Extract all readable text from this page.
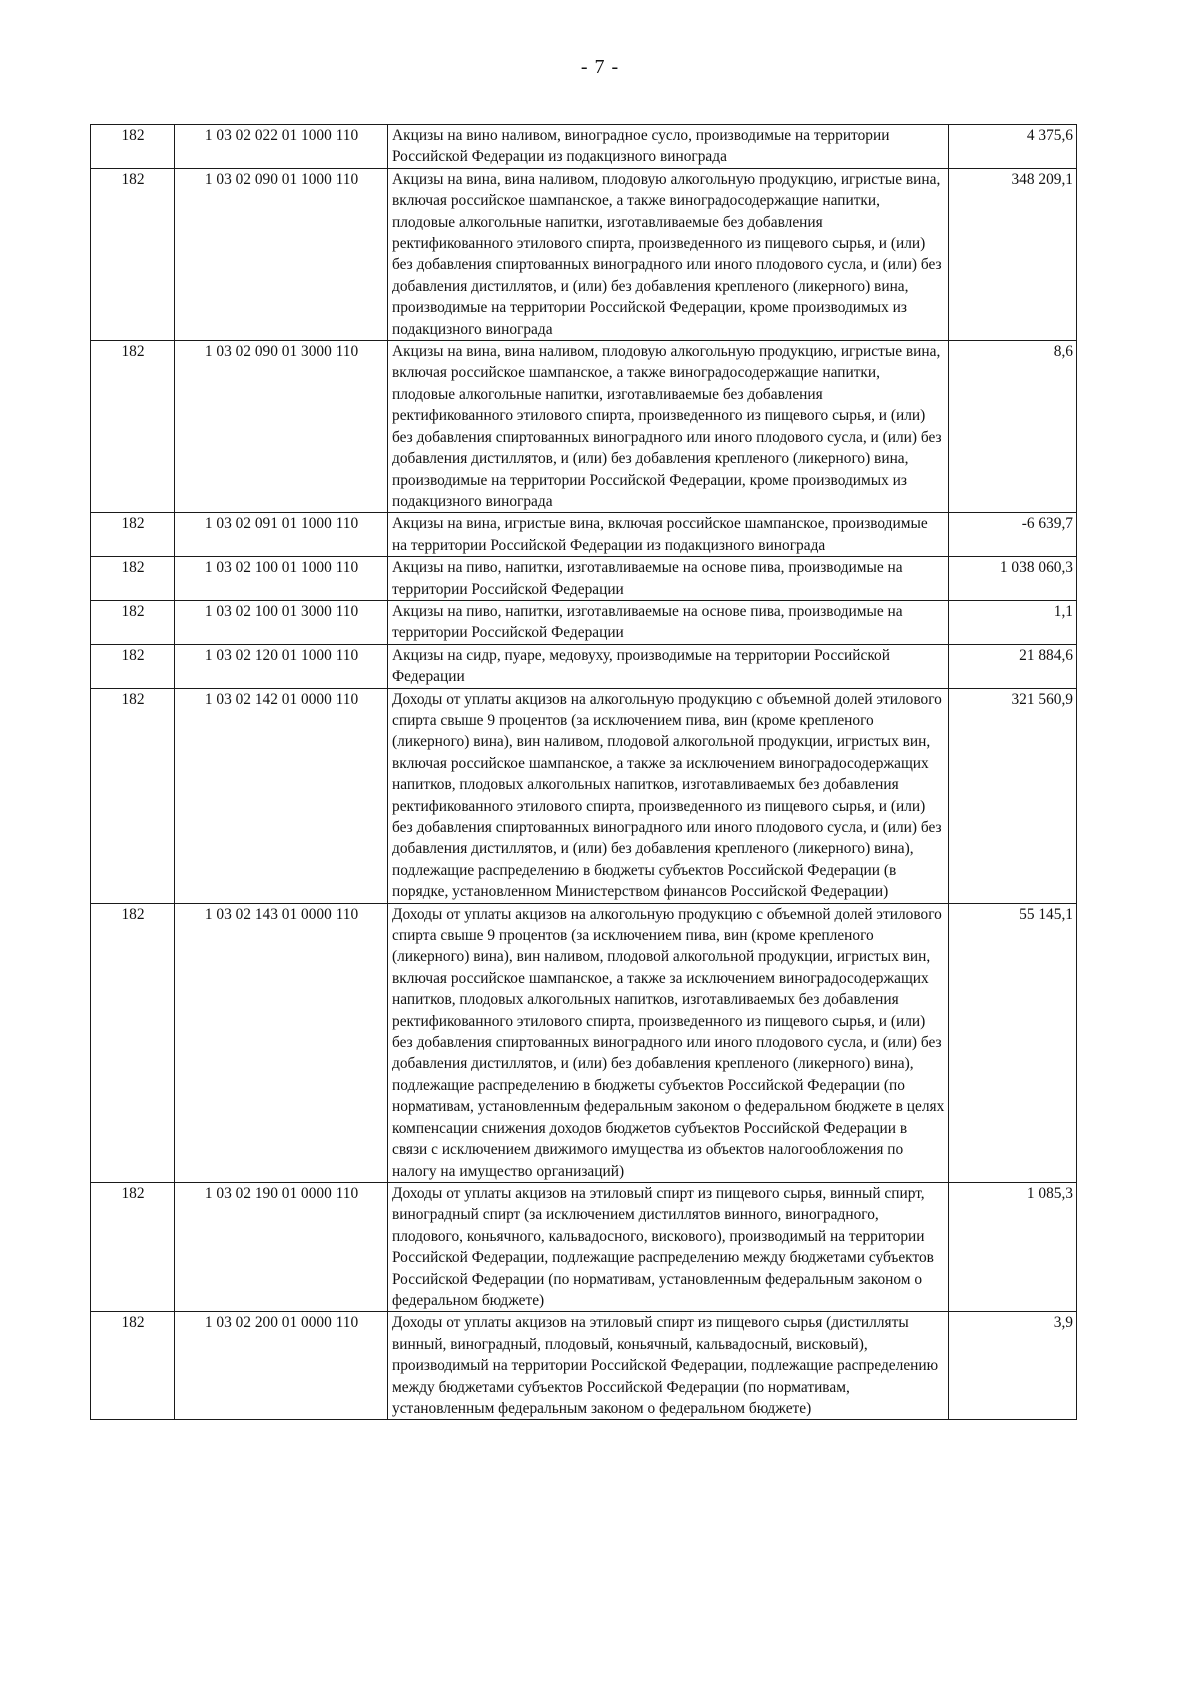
- 7 -
182	1 03 02 022 01 1000 110	Акцизы на вино наливом, виноградное сусло, производимые на территории Российской Федерации из подакцизного винограда	4 375,6
182	1 03 02 090 01 1000 110	Акцизы на вина, вина наливом, плодовую алкогольную продукцию, игристые вина, включая российское шампанское, а также виноградосодержащие напитки, плодовые алкогольные напитки, изготавливаемые без добавления ректификованного этилового спирта, произведенного из пищевого сырья, и (или) без добавления спиртованных виноградного или иного плодового сусла, и (или) без добавления дистиллятов, и (или) без добавления крепленого (ликерного) вина, производимые на территории Российской Федерации, кроме производимых из подакцизного винограда	348 209,1
182	1 03 02 090 01 3000 110	Акцизы на вина, вина наливом, плодовую алкогольную продукцию, игристые вина, включая российское шампанское, а также виноградосодержащие напитки, плодовые алкогольные напитки, изготавливаемые без добавления ректификованного этилового спирта, произведенного из пищевого сырья, и (или) без добавления спиртованных виноградного или иного плодового сусла, и (или) без добавления дистиллятов, и (или) без добавления крепленого (ликерного) вина, производимые на территории Российской Федерации, кроме производимых из подакцизного винограда	8,6
182	1 03 02 091 01 1000 110	Акцизы на вина, игристые вина, включая российское шампанское, производимые на территории Российской Федерации из подакцизного винограда	-6 639,7
182	1 03 02 100 01 1000 110	Акцизы на пиво, напитки, изготавливаемые на основе пива, производимые на территории Российской Федерации	1 038 060,3
182	1 03 02 100 01 3000 110	Акцизы на пиво, напитки, изготавливаемые на основе пива, производимые на территории Российской Федерации	1,1
182	1 03 02 120 01 1000 110	Акцизы на сидр, пуаре, медовуху, производимые на территории Российской Федерации	21 884,6
182	1 03 02 142 01 0000 110	Доходы от уплаты акцизов на алкогольную продукцию с объемной долей этилового спирта свыше 9 процентов (за исключением пива, вин (кроме крепленого (ликерного) вина), вин наливом, плодовой алкогольной продукции, игристых вин, включая российское шампанское, а также за исключением виноградосодержащих напитков, плодовых алкогольных напитков, изготавливаемых без добавления ректификованного этилового спирта, произведенного из пищевого сырья, и (или) без добавления спиртованных виноградного или иного плодового сусла, и (или) без добавления дистиллятов, и (или) без добавления крепленого (ликерного) вина), подлежащие распределению в бюджеты субъектов Российской Федерации (в порядке, установленном Министерством финансов Российской Федерации)	321 560,9
182	1 03 02 143 01 0000 110	Доходы от уплаты акцизов на алкогольную продукцию с объемной долей этилового спирта свыше 9 процентов (за исключением пива, вин (кроме крепленого (ликерного) вина), вин наливом, плодовой алкогольной продукции, игристых вин, включая российское шампанское, а также за исключением виноградосодержащих напитков, плодовых алкогольных напитков, изготавливаемых без добавления ректификованного этилового спирта, произведенного из пищевого сырья, и (или) без добавления спиртованных виноградного или иного плодового сусла, и (или) без добавления дистиллятов, и (или) без добавления крепленого (ликерного) вина), подлежащие распределению в бюджеты субъектов Российской Федерации (по нормативам, установленным федеральным законом о федеральном бюджете в целях компенсации снижения доходов бюджетов субъектов Российской Федерации в связи с исключением движимого имущества из объектов налогообложения по налогу на имущество организаций)	55 145,1
182	1 03 02 190 01 0000 110	Доходы от уплаты акцизов на этиловый спирт из пищевого сырья, винный спирт, виноградный спирт (за исключением дистиллятов винного, виноградного, плодового, коньячного, кальвадосного, вискового), производимый на территории Российской Федерации, подлежащие распределению между бюджетами субъектов Российской Федерации (по нормативам, установленным федеральным законом о федеральном бюджете)	1 085,3
182	1 03 02 200 01 0000 110	Доходы от уплаты акцизов на этиловый спирт из пищевого сырья (дистилляты винный, виноградный, плодовый, коньячный, кальвадосный, висковый), производимый на территории Российской Федерации, подлежащие распределению между бюджетами субъектов Российской Федерации (по нормативам, установленным федеральным законом о федеральном бюджете)	3,9
